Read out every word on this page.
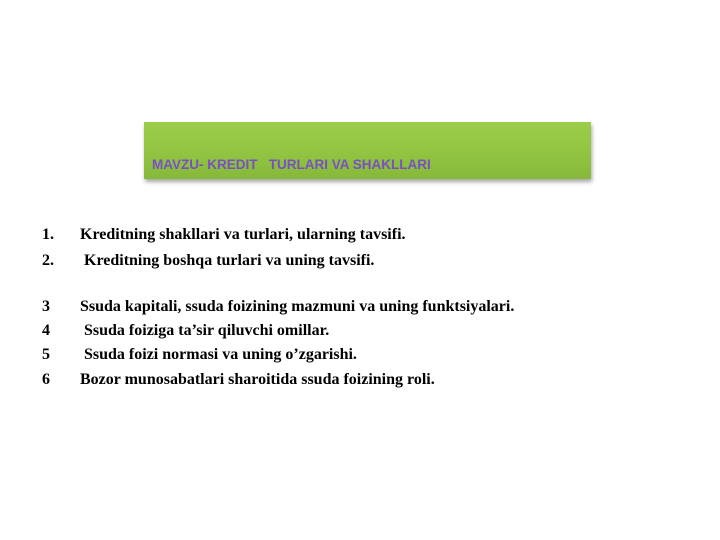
MAVZU- KREDIT   TURLARI VA SHAKLLARI
1. Kreditning shakllari va turlari, ularning tavsifi.
2. Kreditning boshqa turlari va uning tavsifi.
3 Ssuda kapitali, ssuda foizining mazmuni va uning funktsiyalari.
4 Ssuda foiziga ta’sir qiluvchi omillar.
5 Ssuda foizi normasi va uning o’zgarishi.
6 Bozor munosabatlari sharoitida ssuda foizining roli.
